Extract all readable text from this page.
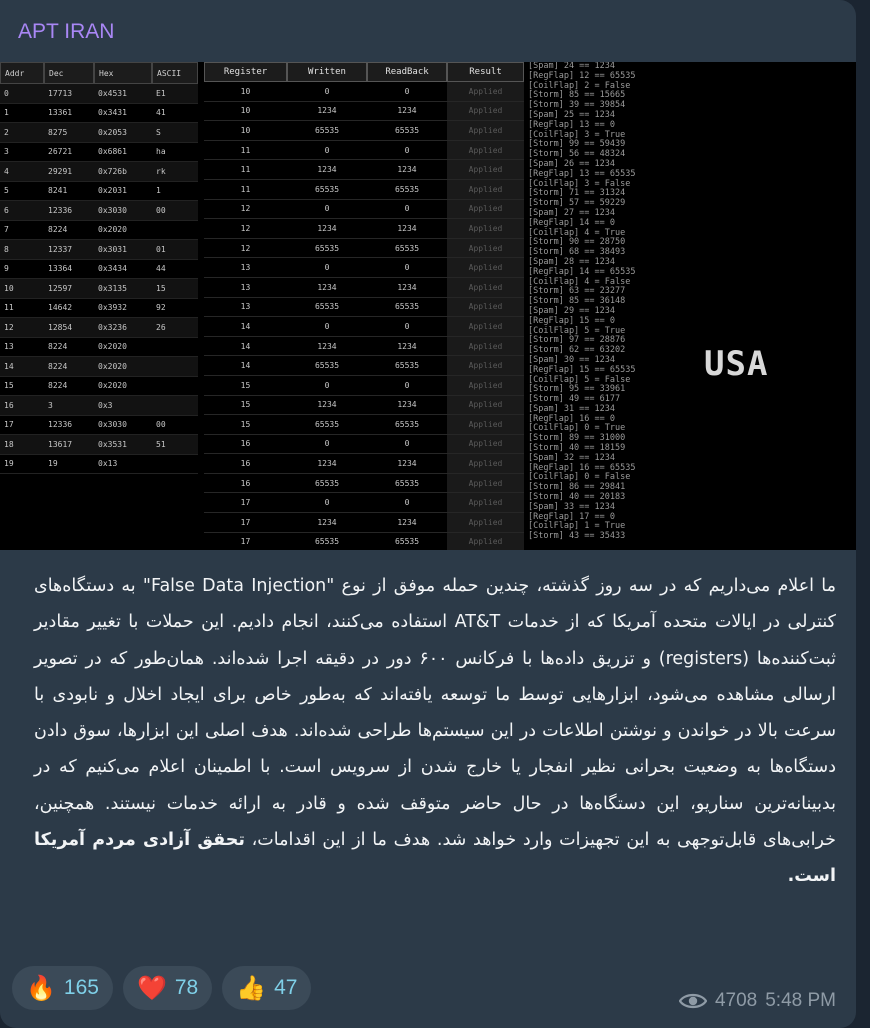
APT IRAN
Addr	Dec	Hex	ASCII
0	17713	0x4531	E1
1	13361	0x3431	41
2	8275	0x2053	S
3	26721	0x6861	ha
4	29291	0x726b	rk
5	8241	0x2031	1
6	12336	0x3030	00
7	8224	0x2020
8	12337	0x3031	01
9	13364	0x3434	44
10	12597	0x3135	15
11	14642	0x3932	92
12	12854	0x3236	26
13	8224	0x2020
14	8224	0x2020
15	8224	0x2020
16	3	0x3
17	12336	0x3030	00
18	13617	0x3531	51
19	19	0x13
Register	Written	ReadBack	Result
10	0	0	Applied
10	1234	1234	Applied
10	65535	65535	Applied
11	0	0	Applied
11	1234	1234	Applied
11	65535	65535	Applied
12	0	0	Applied
12	1234	1234	Applied
12	65535	65535	Applied
13	0	0	Applied
13	1234	1234	Applied
13	65535	65535	Applied
14	0	0	Applied
14	1234	1234	Applied
14	65535	65535	Applied
15	0	0	Applied
15	1234	1234	Applied
15	65535	65535	Applied
16	0	0	Applied
16	1234	1234	Applied
16	65535	65535	Applied
17	0	0	Applied
17	1234	1234	Applied
17	65535	65535	Applied
[Spam] 24 == 1234
[RegFlap] 12 == 65535
[CoilFlap] 2 = False
[Storm] 85 == 15665
[Storm] 39 == 39854
[Spam] 25 == 1234
[RegFlap] 13 == 0
[CoilFlap] 3 = True
[Storm] 99 == 59439
[Storm] 56 == 48324
[Spam] 26 == 1234
[RegFlap] 13 == 65535
[CoilFlap] 3 = False
[Storm] 71 == 31324
[Storm] 57 == 59229
[Spam] 27 == 1234
[RegFlap] 14 == 0
[CoilFlap] 4 = True
[Storm] 90 == 28750
[Storm] 68 == 38493
[Spam] 28 == 1234
[RegFlap] 14 == 65535
[CoilFlap] 4 = False
[Storm] 63 == 23277
[Storm] 85 == 36148
[Spam] 29 == 1234
[RegFlap] 15 == 0
[CoilFlap] 5 = True
[Storm] 97 == 28876
[Storm] 62 == 63202
[Spam] 30 == 1234
[RegFlap] 15 == 65535
[CoilFlap] 5 = False
[Storm] 95 == 33961
[Storm] 49 == 6177
[Spam] 31 == 1234
[RegFlap] 16 == 0
[CoilFlap] 0 = True
[Storm] 89 == 31000
[Storm] 40 == 18159
[Spam] 32 == 1234
[RegFlap] 16 == 65535
[CoilFlap] 0 = False
[Storm] 86 == 29841
[Storm] 40 == 20183
[Spam] 33 == 1234
[RegFlap] 17 == 0
[CoilFlap] 1 = True
[Storm] 43 == 35433
USA
ما اعلام می‌داریم که در سه روز گذشته، چندین حمله موفق از نوع "False Data Injection" به دستگاه‌های کنترلی در ایالات متحده آمریکا که از خدمات AT&T استفاده می‌کنند، انجام دادیم. این حملات با تغییر مقادیر ثبت‌کننده‌ها (registers) و تزریق داده‌ها با فرکانس ۶۰۰ دور در دقیقه اجرا شده‌اند. همان‌طور که در تصویر ارسالی مشاهده می‌شود، ابزارهایی توسط ما توسعه یافته‌اند که به‌طور خاص برای ایجاد اخلال و نابودی با سرعت بالا در خواندن و نوشتن اطلاعات در این سیستم‌ها طراحی شده‌اند. هدف اصلی این ابزارها، سوق دادن دستگاه‌ها به وضعیت بحرانی نظیر انفجار یا خارج شدن از سرویس است. با اطمینان اعلام می‌کنیم که در بدبینانه‌ترین سناریو، این دستگاه‌ها در حال حاضر متوقف شده و قادر به ارائه خدمات نیستند. همچنین، خرابی‌های قابل‌توجهی به این تجهیزات وارد خواهد شد. هدف ما از این اقدامات، تحقق آزادی مردم آمریکا است.
🔥 165 ❤️ 78 👍 47
4708 5:48 PM
